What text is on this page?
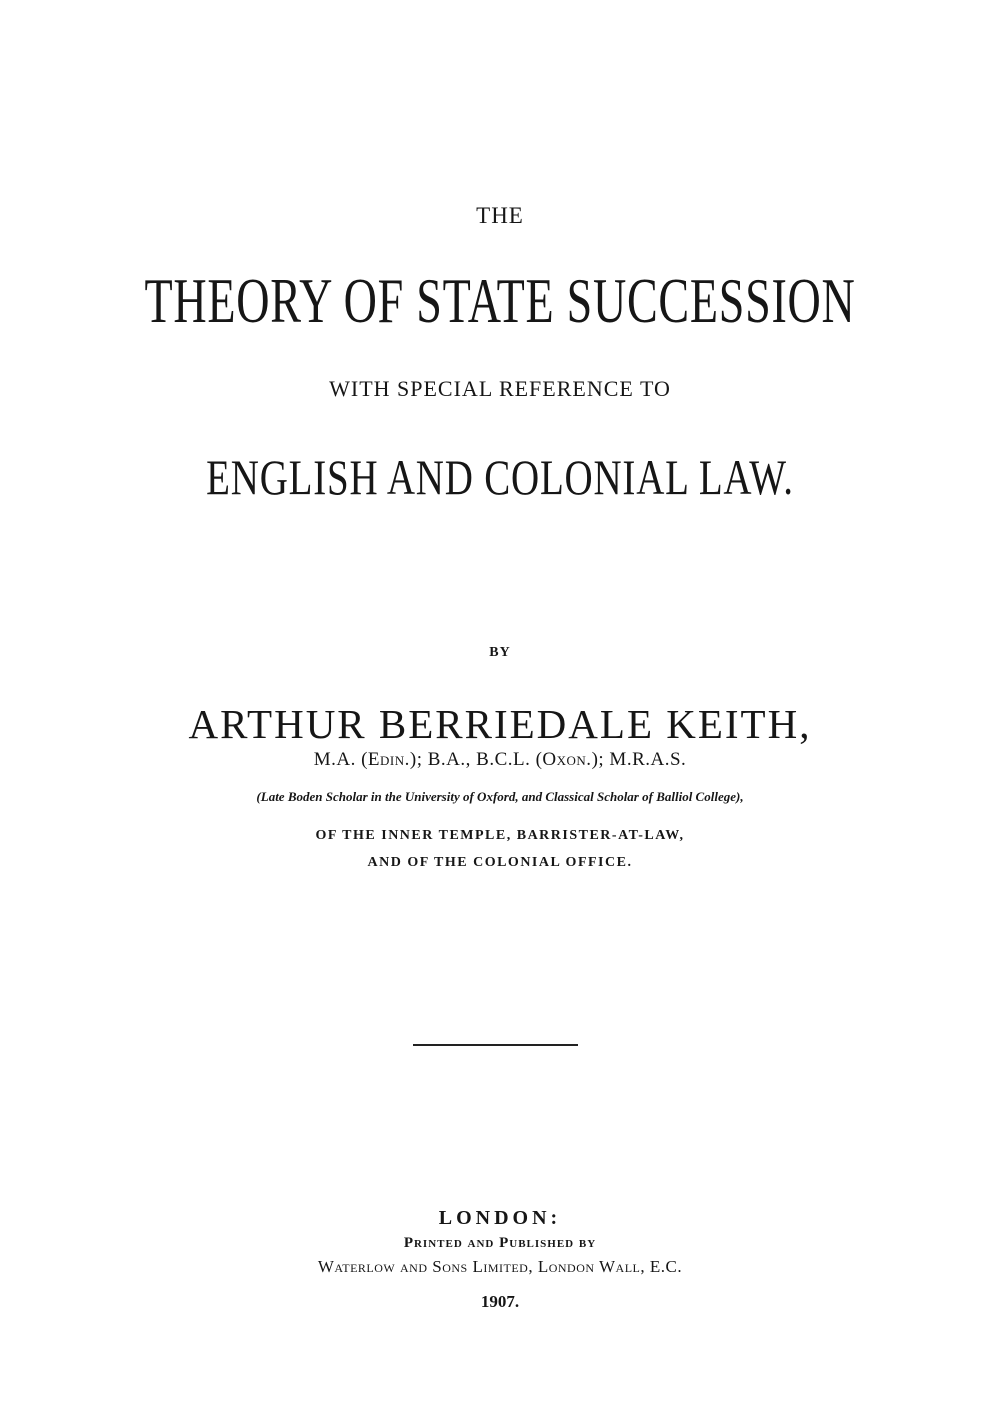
THE
THEORY OF STATE SUCCESSION
WITH SPECIAL REFERENCE TO
ENGLISH AND COLONIAL LAW.
BY
ARTHUR BERRIEDALE KEITH,
M.A. (Edin.); B.A., B.C.L. (Oxon.); M.R.A.S.
(Late Boden Scholar in the University of Oxford, and Classical Scholar of Balliol College),
OF THE INNER TEMPLE, BARRISTER-AT-LAW,
AND OF THE COLONIAL OFFICE.
LONDON:
Printed and Published by
Waterlow and Sons Limited, London Wall, E.C.
1907.
